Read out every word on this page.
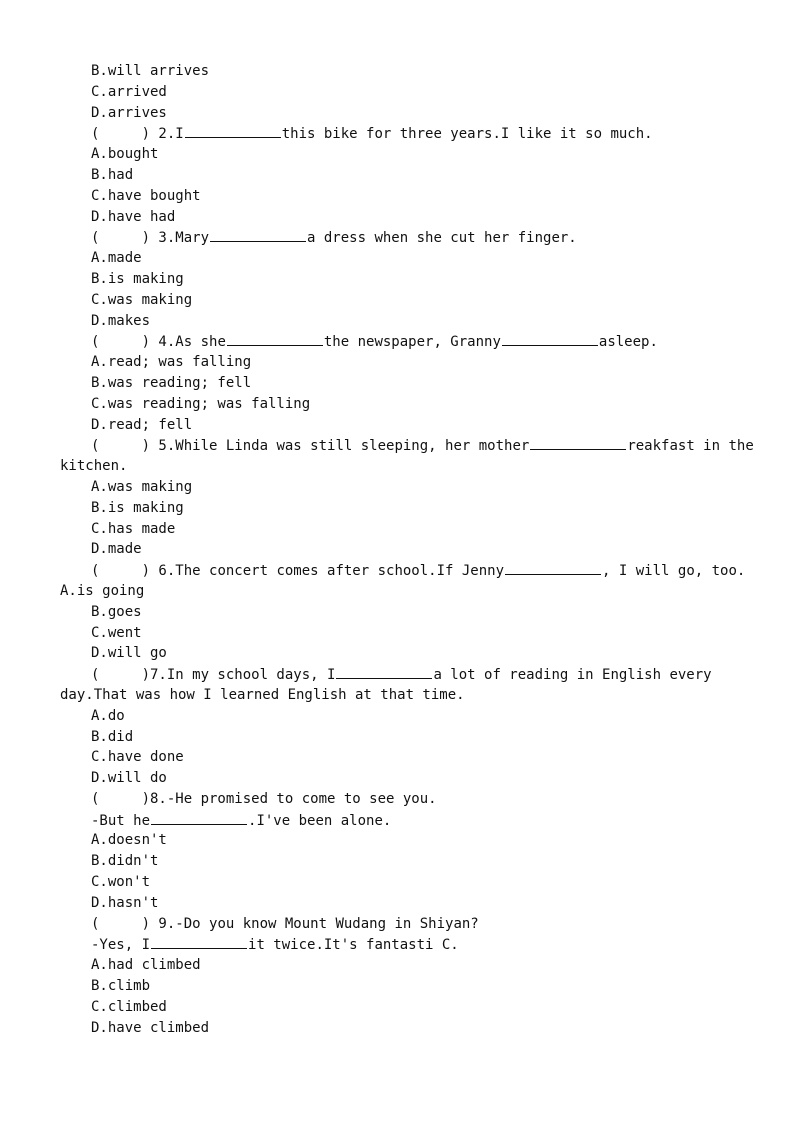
B.will arrives
C.arrived
D.arrives
(     ) 2.I	this bike for three years.I like it so much.
A.bought
B.had
C.have bought
D.have had
(     ) 3.Mary	a dress when she cut her finger.
A.made
B.is making
C.was making
D.makes
(     ) 4.As she	the newspaper, Granny	asleep.
A.read; was falling
B.was reading; fell
C.was reading; was falling
D.read; fell
(     ) 5.While Linda was still sleeping, her mother	reakfast in the
kitchen.
A.was making
B.is making
C.has made
D.made
(     ) 6.The concert comes after school.If Jenny	, I will go, too.
A.is going
B.goes
C.went
D.will go
(     )7.In my school days, I	a lot of reading in English every
day.That was how I learned English at that time.
A.do
B.did
C.have done
D.will do
(     )8.-He promised to come to see you.
-But he	.I've been alone.
A.doesn't
B.didn't
C.won't
D.hasn't
(     ) 9.-Do you know Mount Wudang in Shiyan?
-Yes, I	it twice.It's fantasti C.
A.had climbed
B.climb
C.climbed
D.have climbed
